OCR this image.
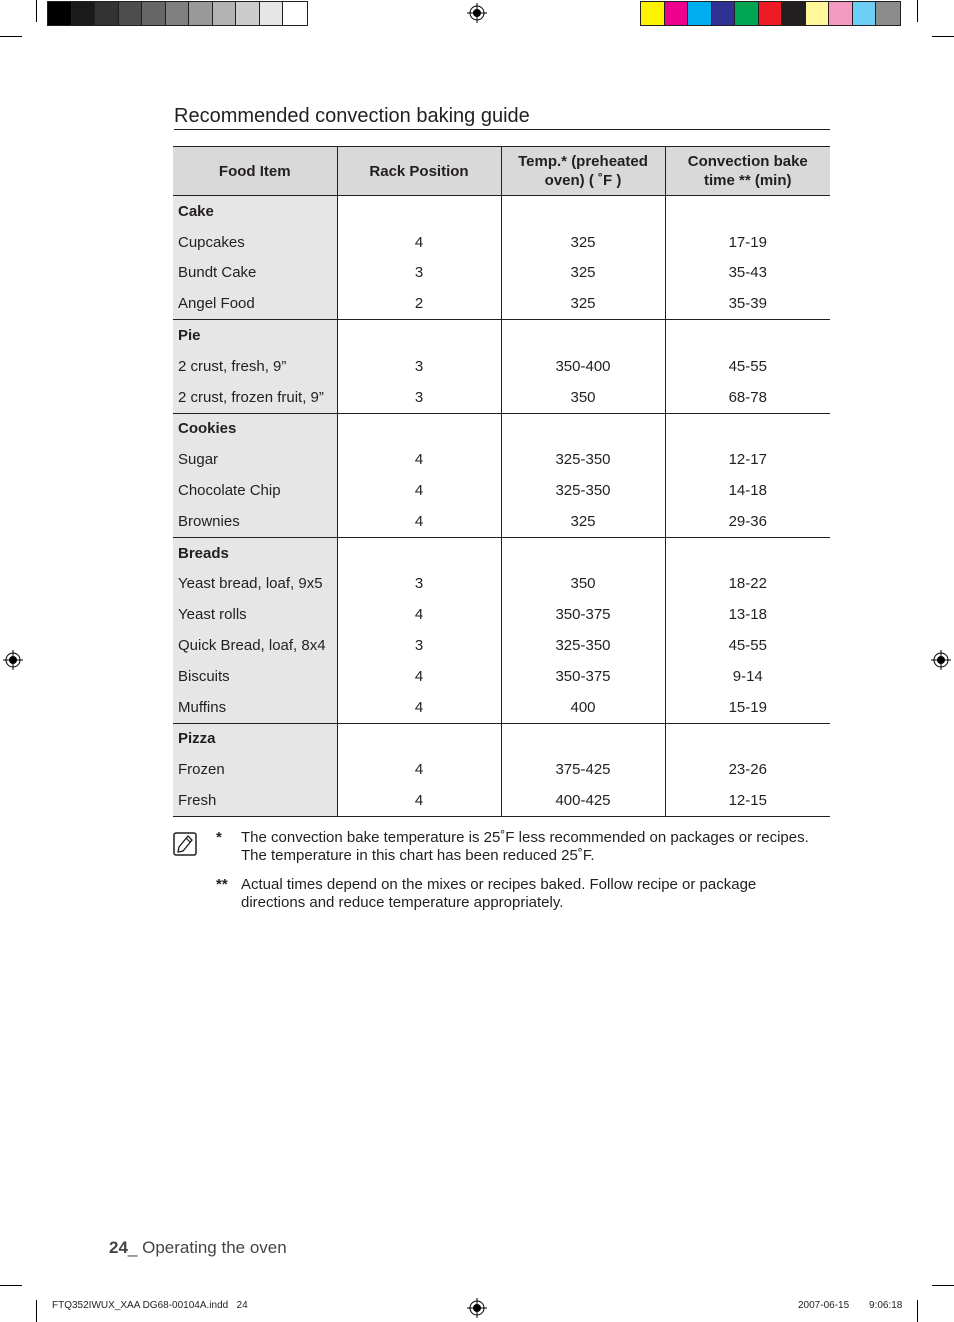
Recommended convection baking guide
Food Item	Rack Position	Temp.* (preheated oven) ( ˚F )	Convection bake time ** (min)
Cake			
Cupcakes	4	325	17-19
Bundt Cake	3	325	35-43
Angel Food	2	325	35-39
Pie			
2 crust, fresh, 9”	3	350-400	45-55
2 crust, frozen fruit, 9”	3	350	68-78
Cookies			
Sugar	4	325-350	12-17
Chocolate Chip	4	325-350	14-18
Brownies	4	325	29-36
Breads			
Yeast bread, loaf, 9x5	3	350	18-22
Yeast rolls	4	350-375	13-18
Quick Bread, loaf, 8x4	3	325-350	45-55
Biscuits	4	350-375	9-14
Muffins	4	400	15-19
Pizza			
Frozen	4	375-425	23-26
Fresh	4	400-425	12-15
* The convection bake temperature is 25˚F less recommended on packages or recipes.
The temperature in this chart has been reduced 25˚F.
** Actual times depend on the mixes or recipes baked. Follow recipe or package
directions and reduce temperature appropriately.
24_ Operating the oven
FTQ352IWUX_XAA DG68-00104A.indd   24	2007-06-15 9:06:18
